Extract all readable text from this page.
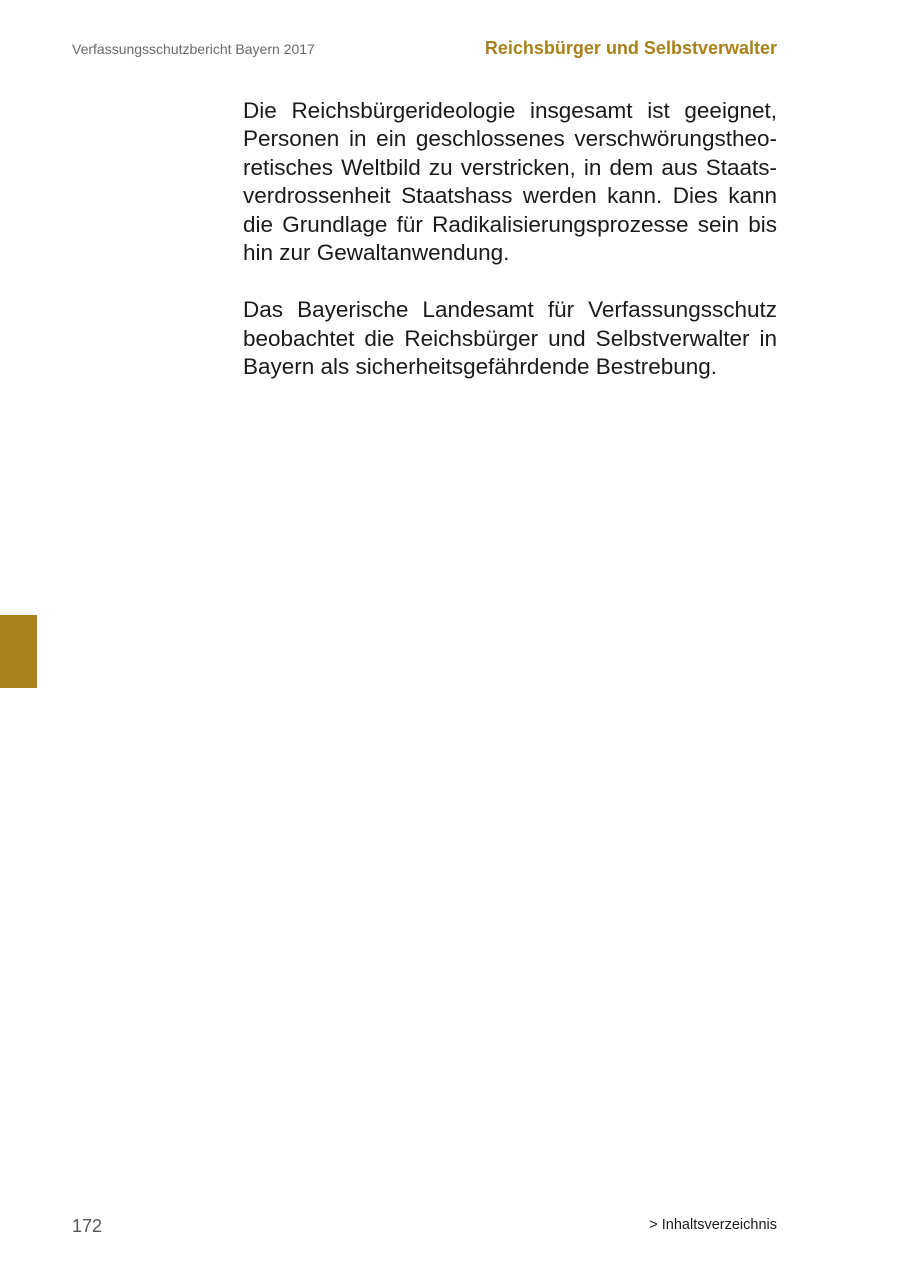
Verfassungsschutzbericht Bayern 2017	Reichsbürger und Selbstverwalter

Die Reichsbürgerideologie insgesamt ist geeignet, Personen in ein geschlossenes verschwörungstheoretisches Weltbild zu verstricken, in dem aus Staatsverdrossenheit Staatshass werden kann. Dies kann die Grundlage für Radikalisierungsprozesse sein bis hin zur Gewaltanwendung.

Das Bayerische Landesamt für Verfassungsschutz beobachtet die Reichsbürger und Selbstverwalter in Bayern als sicherheitsgefährdende Bestrebung.

172	> Inhaltsverzeichnis
